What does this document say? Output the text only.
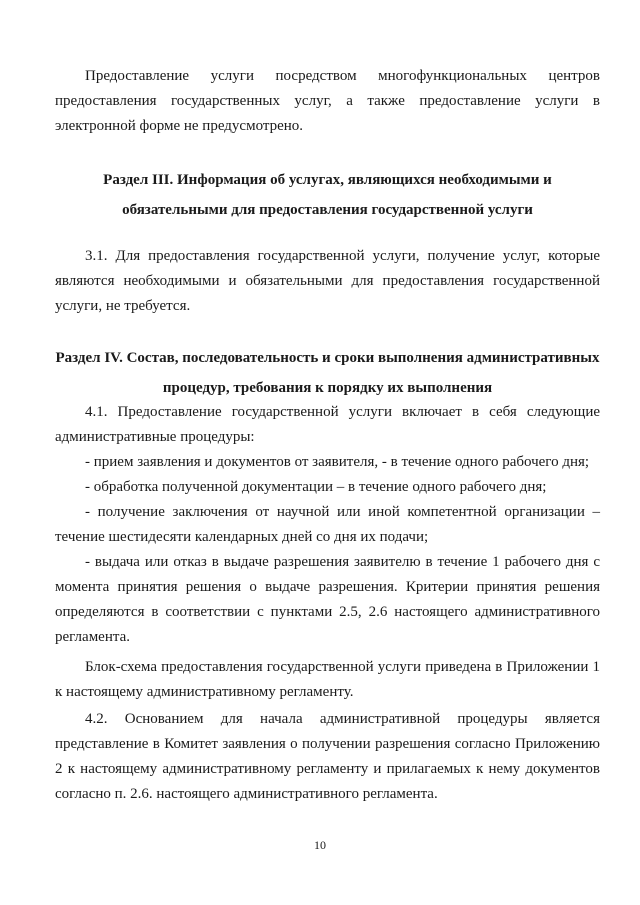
Предоставление услуги посредством многофункциональных центров предоставления государственных услуг, а также предоставление услуги в электронной форме не предусмотрено.

Раздел III. Информация об услугах, являющихся необходимыми и обязательными для предоставления государственной услуги

3.1. Для предоставления государственной услуги, получение услуг, которые являются необходимыми и обязательными для предоставления государственной услуги, не требуется.

Раздел IV. Состав, последовательность и сроки выполнения административных процедур, требования к порядку их выполнения

4.1. Предоставление государственной услуги включает в себя следующие административные процедуры:

- прием заявления и документов от заявителя, - в течение одного рабочего дня;

- обработка полученной документации – в течение одного рабочего дня;

- получение заключения от научной или иной компетентной организации – течение шестидесяти календарных дней со дня их подачи;

- выдача или отказ в выдаче разрешения заявителю в течение 1 рабочего дня с момента принятия решения о выдаче разрешения. Критерии принятия решения определяются в соответствии с пунктами 2.5, 2.6 настоящего административного регламента.

Блок-схема предоставления государственной услуги приведена в Приложении 1 к настоящему административному регламенту.

4.2. Основанием для начала административной процедуры является представление в Комитет заявления о получении разрешения согласно Приложению 2 к настоящему административному регламенту и прилагаемых к нему документов согласно п. 2.6. настоящего административного регламента.

10
